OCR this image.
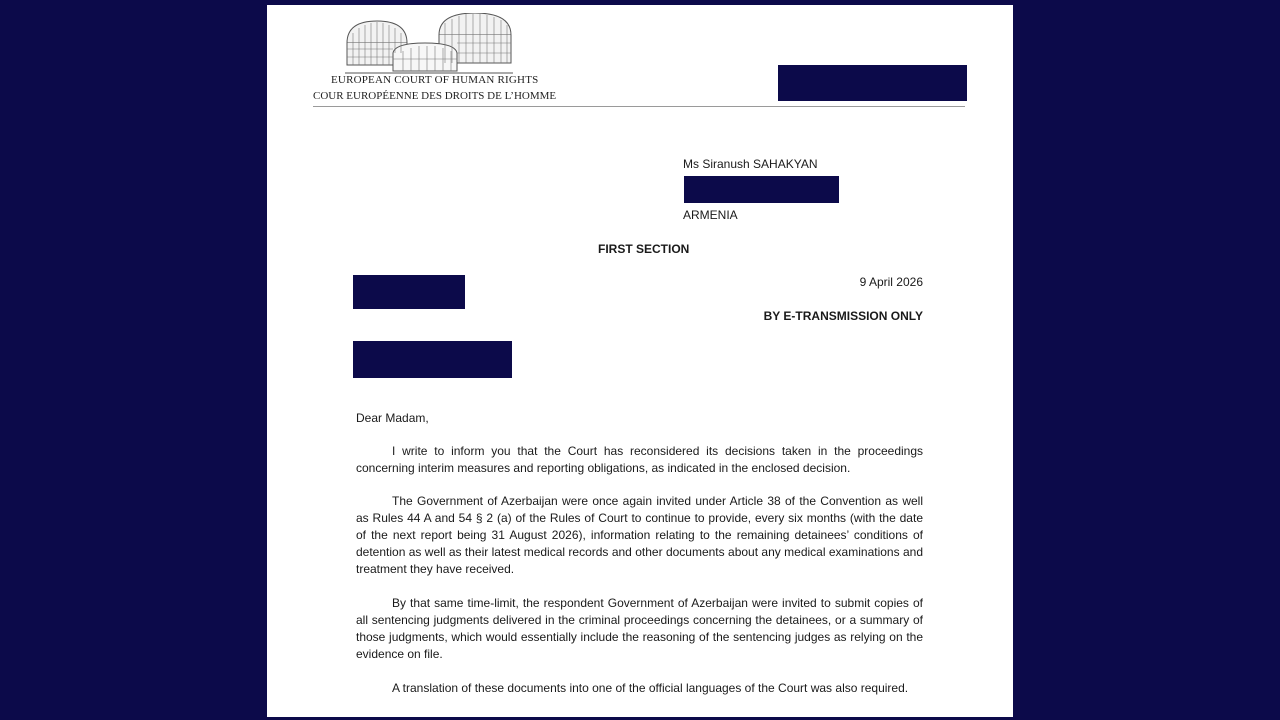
EUROPEAN COURT OF HUMAN RIGHTS
COUR EUROPÉENNE DES DROITS DE L’HOMME
Ms Siranush SAHAKYAN
ARMENIA
FIRST SECTION
9 April 2026
BY E-TRANSMISSION ONLY
Dear Madam,

I write to inform you that the Court has reconsidered its decisions taken in the proceedings concerning interim measures and reporting obligations, as indicated in the enclosed decision.

The Government of Azerbaijan were once again invited under Article 38 of the Convention as well as Rules 44 A and 54 § 2 (a) of the Rules of Court to continue to provide, every six months (with the date of the next report being 31 August 2026), information relating to the remaining detainees’ conditions of detention as well as their latest medical records and other documents about any medical examinations and treatment they have received.

By that same time-limit, the respondent Government of Azerbaijan were invited to submit copies of all sentencing judgments delivered in the criminal proceedings concerning the detainees, or a summary of those judgments, which would essentially include the reasoning of the sentencing judges as relying on the evidence on file.

A translation of these documents into one of the official languages of the Court was also required.
